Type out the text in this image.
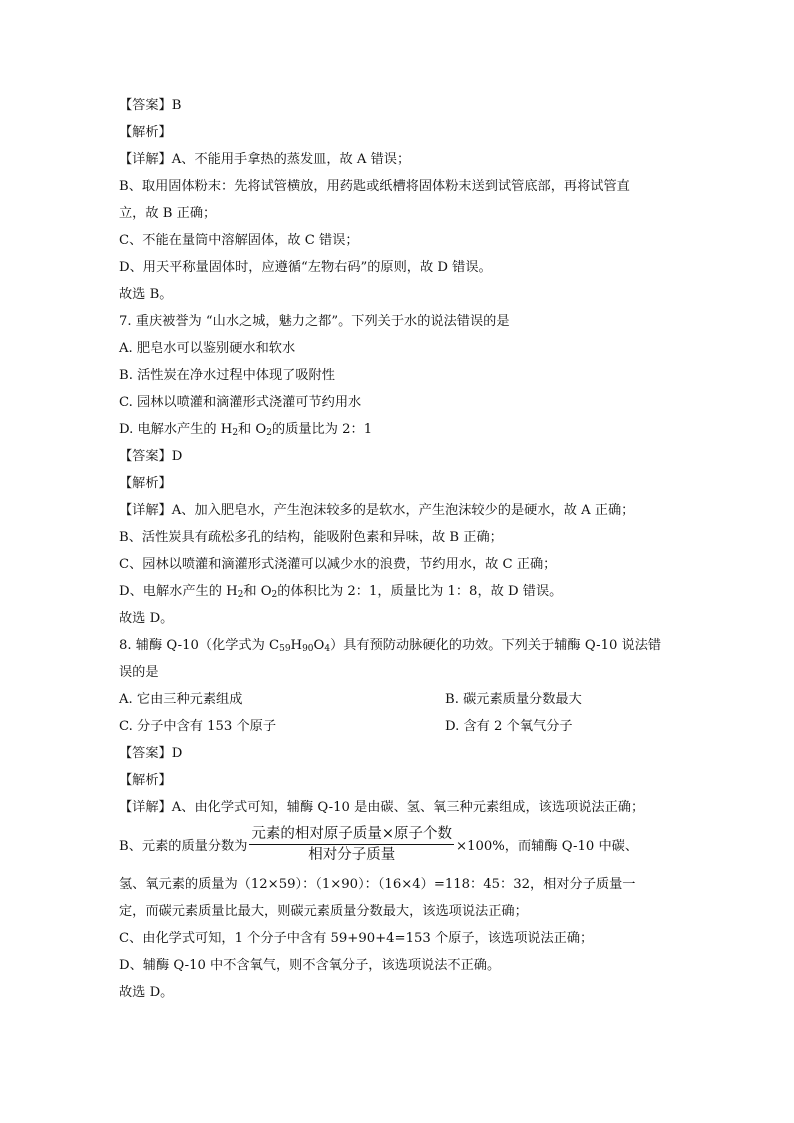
【答案】B
【解析】
【详解】A、不能用手拿热的蒸发皿，故 A 错误；
B、取用固体粉末：先将试管横放，用药匙或纸槽将固体粉末送到试管底部，再将试管直
立，故 B 正确；
C、不能在量筒中溶解固体，故 C 错误；
D、用天平称量固体时，应遵循“左物右码”的原则，故 D 错误。
故选 B。
7. 重庆被誉为 “山水之城，魅力之都”。下列关于水的说法错误的是
A. 肥皂水可以鉴别硬水和软水
B. 活性炭在净水过程中体现了吸附性
C. 园林以喷灌和滴灌形式浇灌可节约用水
D. 电解水产生的 $H_2$和 $O_2$的质量比为 2：1
【答案】D
【解析】
【详解】A、加入肥皂水，产生泡沫较多的是软水，产生泡沫较少的是硬水，故 A 正确；
B、活性炭具有疏松多孔的结构，能吸附色素和异味，故 B 正确；
C、园林以喷灌和滴灌形式浇灌可以减少水的浪费，节约用水，故 C 正确；
D、电解水产生的 $H_2$和 $O_2$的体积比为 2：1，质量比为 1：8，故 D 错误。
故选 D。
8. 辅酶 Q-10（化学式为 $C_{59}H_{90}O_4$）具有预防动脉硬化的功效。下列关于辅酶 Q-10 说法错
误的是
A. 它由三种元素组成	B. 碳元素质量分数最大
C. 分子中含有 153 个原子	D. 含有 2 个氧气分子
【答案】D
【解析】
【详解】A、由化学式可知，辅酶 Q-10 是由碳、氢、氧三种元素组成，该选项说法正确；
B、元素的质量分数为 $\frac{\text{元素的相对原子质量×原子个数}}{\text{相对分子质量}} \times 100\%$，而辅酶 Q-10 中碳、
氢、氧元素的质量为（12×59）：（1×90）：（16×4）=118：45：32，相对分子质量一
定，而碳元素质量比最大，则碳元素质量分数最大，该选项说法正确；
C、由化学式可知，1 个分子中含有 59+90+4=153 个原子，该选项说法正确；
D、辅酶 Q-10 中不含氧气，则不含氧分子，该选项说法不正确。
故选 D。
